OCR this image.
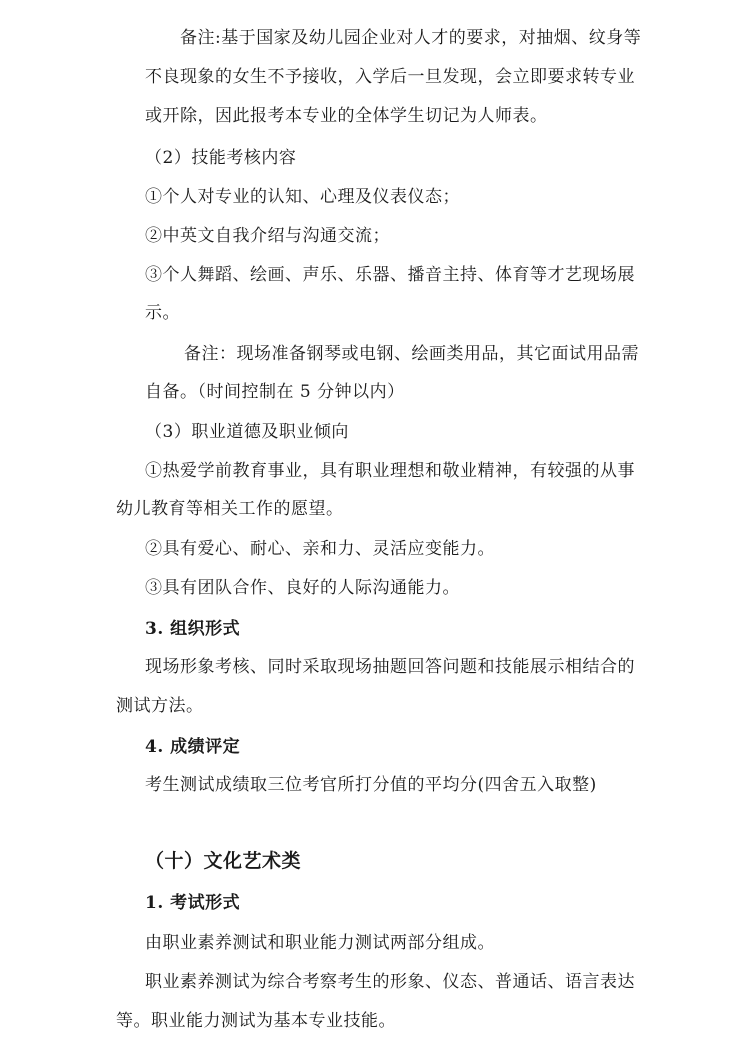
备注:基于国家及幼儿园企业对人才的要求，对抽烟、纹身等
不良现象的女生不予接收，入学后一旦发现，会立即要求转专业
或开除，因此报考本专业的全体学生切记为人师表。
（2）技能考核内容
①个人对专业的认知、心理及仪表仪态；
②中英文自我介绍与沟通交流；
③个人舞蹈、绘画、声乐、乐器、播音主持、体育等才艺现场展
示。
备注：现场准备钢琴或电钢、绘画类用品，其它面试用品需
自备。（时间控制在 5 分钟以内）
（3）职业道德及职业倾向
①热爱学前教育事业，具有职业理想和敬业精神，有较强的从事
幼儿教育等相关工作的愿望。
②具有爱心、耐心、亲和力、灵活应变能力。
③具有团队合作、良好的人际沟通能力。
3. 组织形式
现场形象考核、同时采取现场抽题回答问题和技能展示相结合的
测试方法。
4. 成绩评定
考生测试成绩取三位考官所打分值的平均分(四舍五入取整)
（十）文化艺术类
1. 考试形式
由职业素养测试和职业能力测试两部分组成。
职业素养测试为综合考察考生的形象、仪态、普通话、语言表达
等。职业能力测试为基本专业技能。
